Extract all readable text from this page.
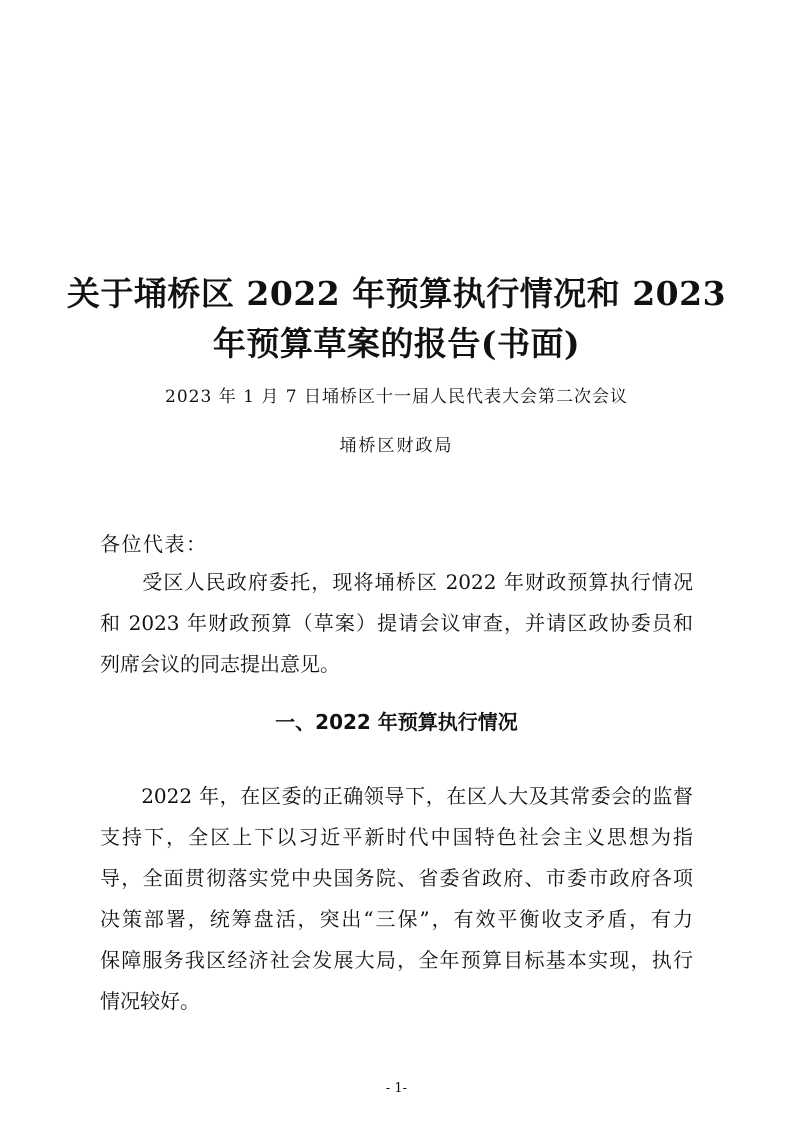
关于埇桥区 2022 年预算执行情况和 2023
年预算草案的报告(书面)
2023 年 1 月 7 日埇桥区十一届人民代表大会第二次会议
埇桥区财政局
各位代表：
　　受区人民政府委托，现将埇桥区 2022 年财政预算执行情况
和 2023 年财政预算（草案）提请会议审查，并请区政协委员和
列席会议的同志提出意见。
一、2022 年预算执行情况
　　2022 年，在区委的正确领导下，在区人大及其常委会的监督
支持下，全区上下以习近平新时代中国特色社会主义思想为指
导，全面贯彻落实党中央国务院、省委省政府、市委市政府各项
决策部署，统筹盘活，突出“三保”，有效平衡收支矛盾，有力
保障服务我区经济社会发展大局，全年预算目标基本实现，执行
情况较好。
- 1-
